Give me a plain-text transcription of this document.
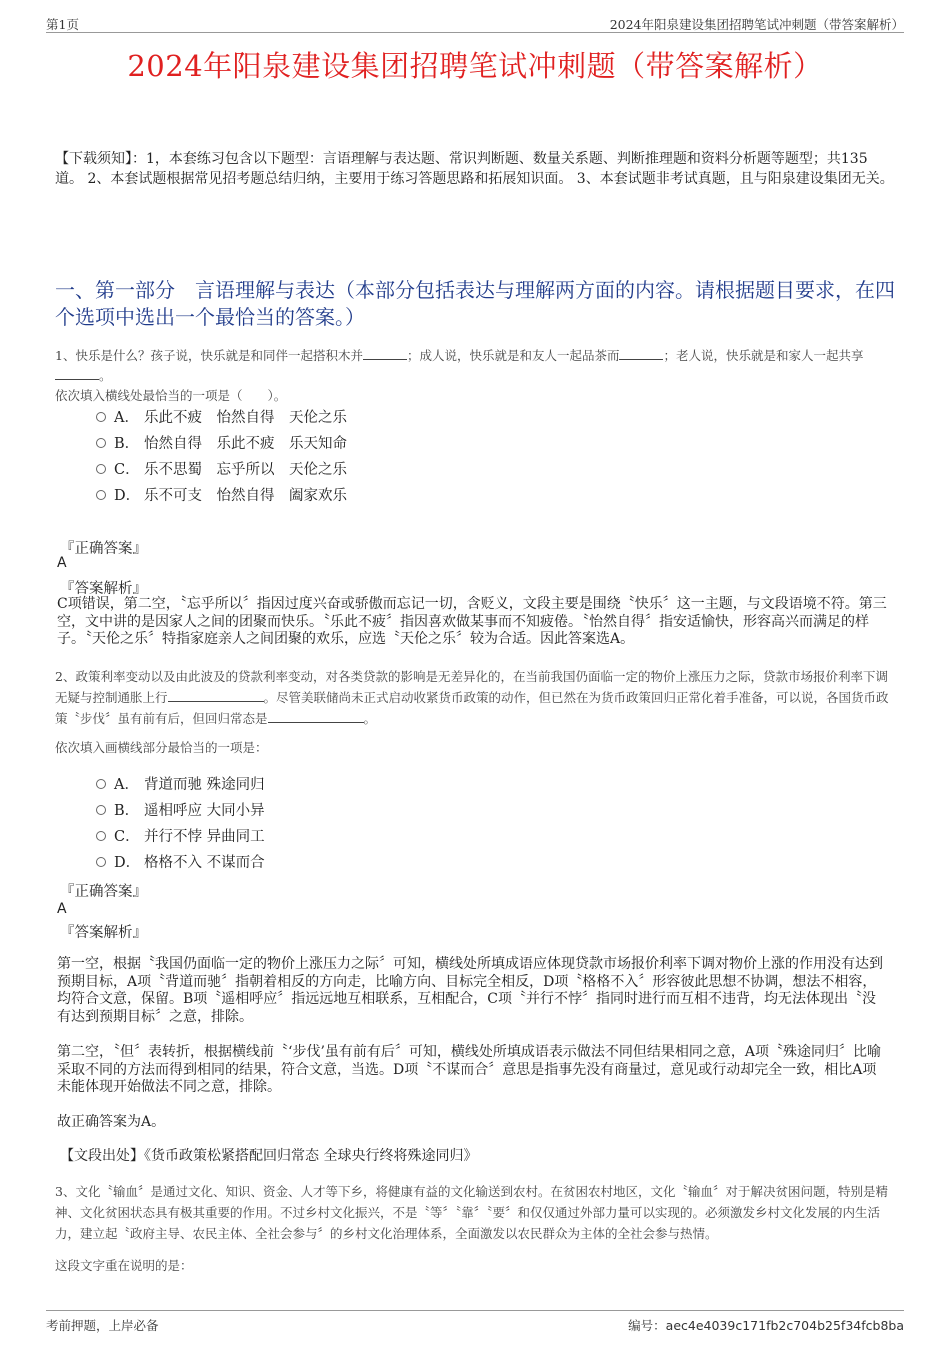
第1页	2024年阳泉建设集团招聘笔试冲刺题（带答案解析）
2024年阳泉建设集团招聘笔试冲刺题（带答案解析）
【下载须知】：1，本套练习包含以下题型：言语理解与表达题、常识判断题、数量关系题、判断推理题和资料分析题等题型；共135道。 2、本套试题根据常见招考题总结归纳，主要用于练习答题思路和拓展知识面。 3、本套试题非考试真题，且与阳泉建设集团无关。
一、第一部分　言语理解与表达（本部分包括表达与理解两方面的内容。请根据题目要求，在四个选项中选出一个最恰当的答案。）
1、快乐是什么？孩子说，快乐就是和同伴一起搭积木并	；成人说，快乐就是和友人一起品茶而	；老人说，快乐就是和家人一起共享。
依次填入横线处最恰当的一项是（　　）。
A． 乐此不疲　怡然自得　天伦之乐
B． 怡然自得　乐此不疲　乐天知命
C． 乐不思蜀　忘乎所以　天伦之乐
D． 乐不可支　怡然自得　阖家欢乐
『正确答案』
A
『答案解析』
C项错误，第二空，〝忘乎所以〞指因过度兴奋或骄傲而忘记一切，含贬义，文段主要是围绕〝快乐〞这一主题，与文段语境不符。第三空，文中讲的是因家人之间的团聚而快乐。〝乐此不疲〞指因喜欢做某事而不知疲倦。〝怡然自得〞指安适愉快，形容高兴而满足的样子。〝天伦之乐〞特指家庭亲人之间团聚的欢乐，应选〝天伦之乐〞较为合适。因此答案选A。
2、政策利率变动以及由此波及的贷款利率变动，对各类贷款的影响是无差异化的，在当前我国仍面临一定的物价上涨压力之际，贷款市场报价利率下调无疑与控制通胀上行	。尽管美联储尚未正式启动收紧货币政策的动作，但已然在为货币政策回归正常化着手准备，可以说，各国货币政策〝步伐〞虽有前有后，但回归常态是	。
依次填入画横线部分最恰当的一项是：
A． 背道而驰 殊途同归
B． 遥相呼应 大同小异
C． 并行不悖 异曲同工
D． 格格不入 不谋而合
『正确答案』
A
『答案解析』
第一空，根据〝我国仍面临一定的物价上涨压力之际〞可知，横线处所填成语应体现贷款市场报价利率下调对物价上涨的作用没有达到预期目标，A项〝背道而驰〞指朝着相反的方向走，比喻方向、目标完全相反，D项〝格格不入〞形容彼此思想不协调，想法不相容，均符合文意，保留。B项〝遥相呼应〞指远远地互相联系，互相配合，C项〝并行不悖〞指同时进行而互相不违背，均无法体现出〝没有达到预期目标〞之意，排除。
第二空，〝但〞表转折，根据横线前〝‘步伐’虽有前有后〞可知，横线处所填成语表示做法不同但结果相同之意，A项〝殊途同归〞比喻采取不同的方法而得到相同的结果，符合文意，当选。D项〝不谋而合〞意思是指事先没有商量过，意见或行动却完全一致，相比A项未能体现开始做法不同之意，排除。
故正确答案为A。
【文段出处】《货币政策松紧搭配回归常态 全球央行终将殊途同归》
3、文化〝输血〞是通过文化、知识、资金、人才等下乡，将健康有益的文化输送到农村。在贫困农村地区，文化〝输血〞对于解决贫困问题，特别是精神、文化贫困状态具有极其重要的作用。不过乡村文化振兴，不是〝等〞〝靠〞〝要〞和仅仅通过外部力量可以实现的。必须激发乡村文化发展的内生活力，建立起〝政府主导、农民主体、全社会参与〞的乡村文化治理体系，全面激发以农民群众为主体的全社会参与热情。
这段文字重在说明的是：
考前押题，上岸必备	编号：aec4e4039c171fb2c704b25f34fcb8ba
